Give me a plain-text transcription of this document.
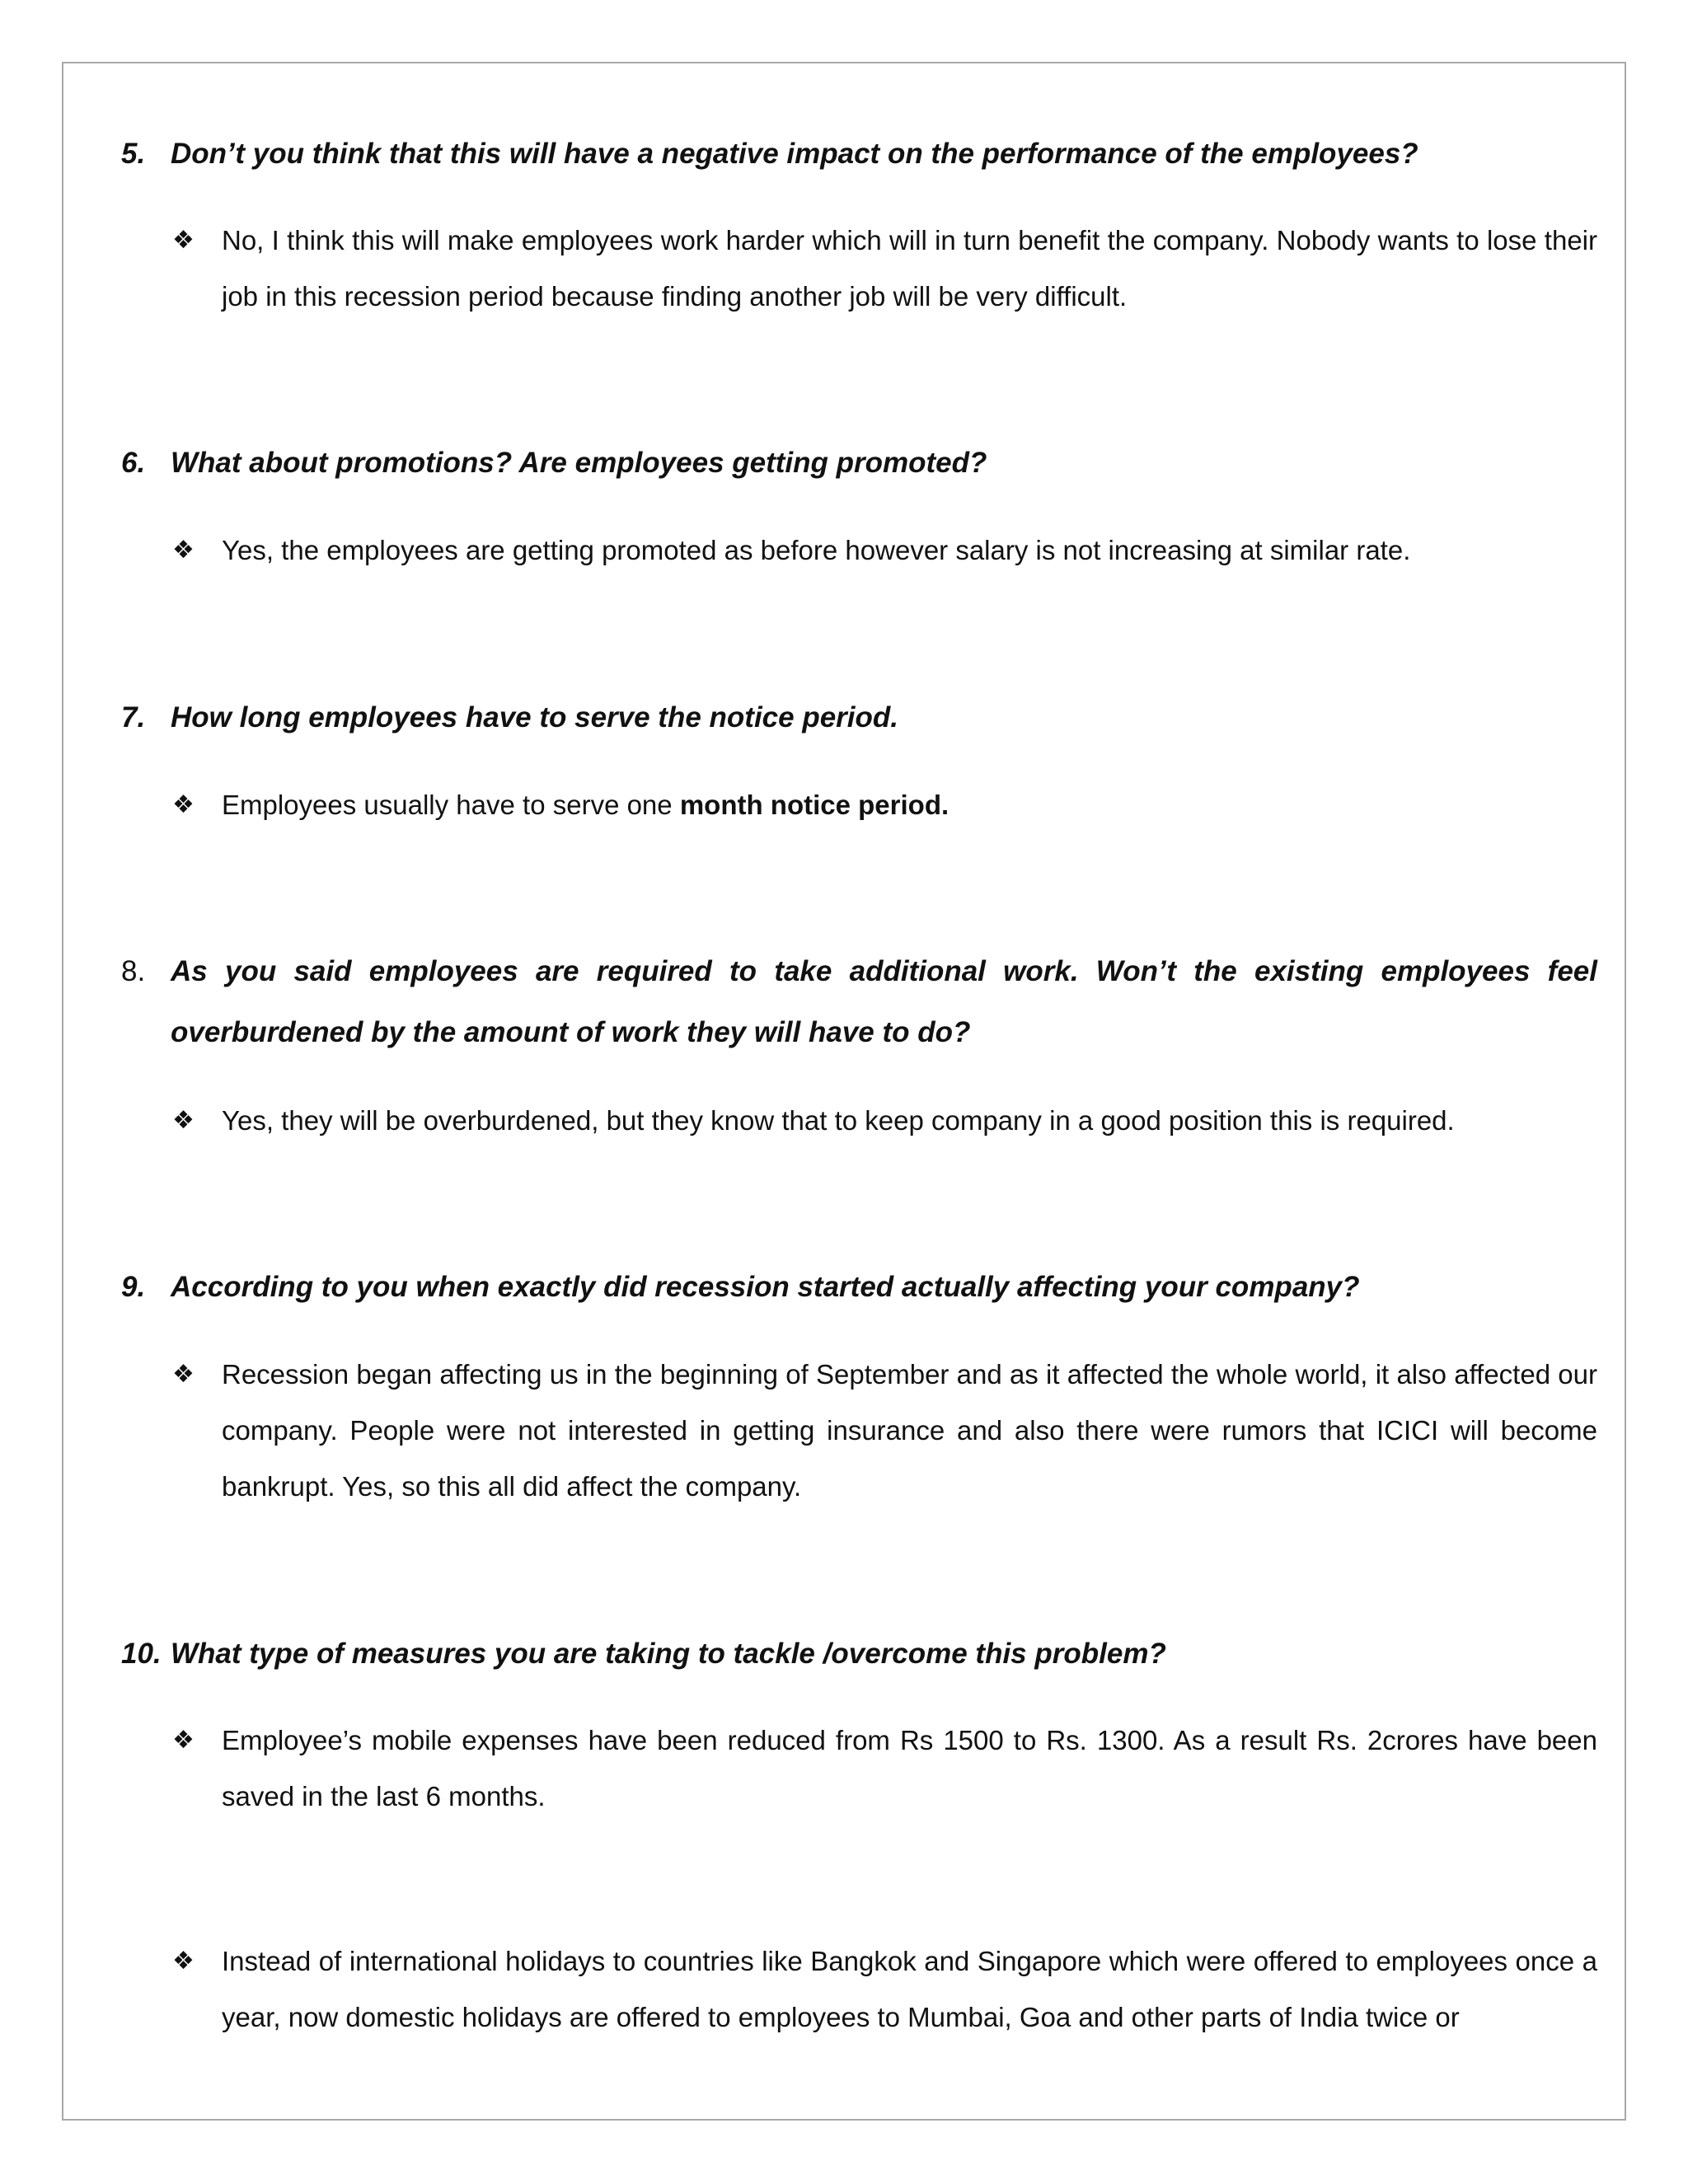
5. Don’t you think that this will have a negative impact on the performance of the employees?

❖ No, I think this will make employees work harder which will in turn benefit the company. Nobody wants to lose their job in this recession period because finding another job will be very difficult.

6. What about promotions? Are employees getting promoted?

❖ Yes, the employees are getting promoted as before however salary is not increasing at similar rate.

7. How long employees have to serve the notice period.

❖ Employees usually have to serve one month notice period.

8. As you said employees are required to take additional work. Won’t the existing employees feel overburdened by the amount of work they will have to do?

❖ Yes, they will be overburdened, but they know that to keep company in a good position this is required.

9. According to you when exactly did recession started actually affecting your company?

❖ Recession began affecting us in the beginning of September and as it affected the whole world, it also affected our company. People were not interested in getting insurance and also there were rumors that ICICI will become bankrupt. Yes, so this all did affect the company.

10. What type of measures you are taking to tackle /overcome this problem?

❖ Employee’s mobile expenses have been reduced from Rs 1500 to Rs. 1300. As a result Rs. 2crores have been saved in the last 6 months.

❖ Instead of international holidays to countries like Bangkok and Singapore which were offered to employees once a year, now domestic holidays are offered to employees to Mumbai, Goa and other parts of India twice or
